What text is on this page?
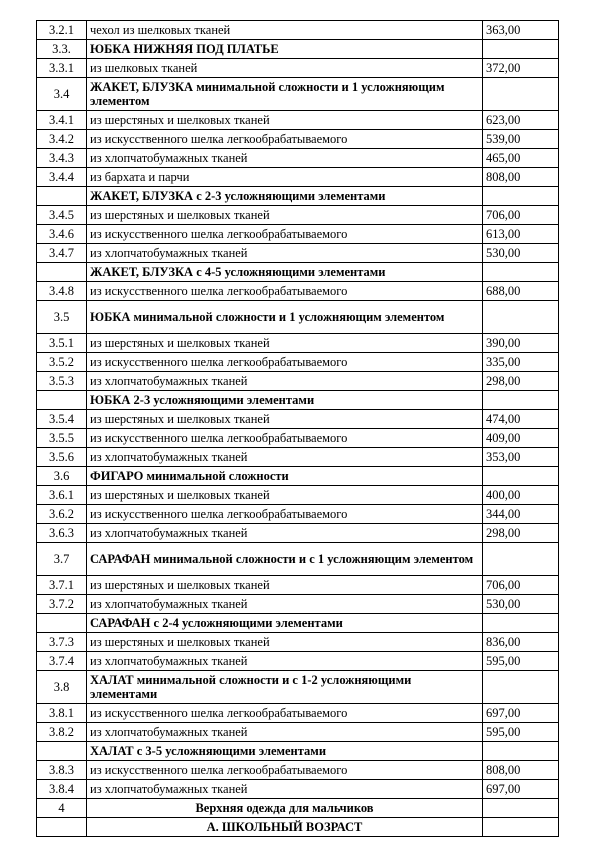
3.2.1	чехол из шелковых тканей	363,00
3.3.	ЮБКА НИЖНЯЯ ПОД ПЛАТЬЕ	
3.3.1	из шелковых тканей	372,00
3.4	ЖАКЕТ, БЛУЗКА минимальной сложности и 1 усложняющим элементом	
3.4.1	из шерстяных и шелковых тканей	623,00
3.4.2	из искусственного шелка легкообрабатываемого	539,00
3.4.3	из хлопчатобумажных тканей	465,00
3.4.4	из бархата и парчи	808,00
	ЖАКЕТ, БЛУЗКА с 2-3 усложняющими элементами	
3.4.5	из шерстяных и шелковых тканей	706,00
3.4.6	из искусственного шелка легкообрабатываемого	613,00
3.4.7	из хлопчатобумажных тканей	530,00
	ЖАКЕТ, БЛУЗКА с 4-5 усложняющими элементами	
3.4.8	из искусственного шелка легкообрабатываемого	688,00
3.5	ЮБКА минимальной сложности и 1 усложняющим элементом	
3.5.1	из шерстяных и шелковых тканей	390,00
3.5.2	из искусственного шелка легкообрабатываемого	335,00
3.5.3	из хлопчатобумажных тканей	298,00
	ЮБКА 2-3 усложняющими элементами	
3.5.4	из шерстяных и шелковых тканей	474,00
3.5.5	из искусственного шелка легкообрабатываемого	409,00
3.5.6	из хлопчатобумажных тканей	353,00
3.6	ФИГАРО минимальной сложности	
3.6.1	из шерстяных и шелковых тканей	400,00
3.6.2	из искусственного шелка легкообрабатываемого	344,00
3.6.3	из хлопчатобумажных тканей	298,00
3.7	САРАФАН минимальной сложности и с 1 усложняющим элементом	
3.7.1	из шерстяных и шелковых тканей	706,00
3.7.2	из хлопчатобумажных тканей	530,00
	САРАФАН с 2-4 усложняющими элементами	
3.7.3	из шерстяных и шелковых тканей	836,00
3.7.4	из хлопчатобумажных тканей	595,00
3.8	ХАЛАТ минимальной сложности и с 1-2 усложняющими элементами	
3.8.1	из искусственного шелка легкообрабатываемого	697,00
3.8.2	из хлопчатобумажных тканей	595,00
	ХАЛАТ с 3-5 усложняющими элементами	
3.8.3	из искусственного шелка легкообрабатываемого	808,00
3.8.4	из хлопчатобумажных тканей	697,00
4	Верхняя одежда для мальчиков	
	А. ШКОЛЬНЫЙ ВОЗРАСТ	
